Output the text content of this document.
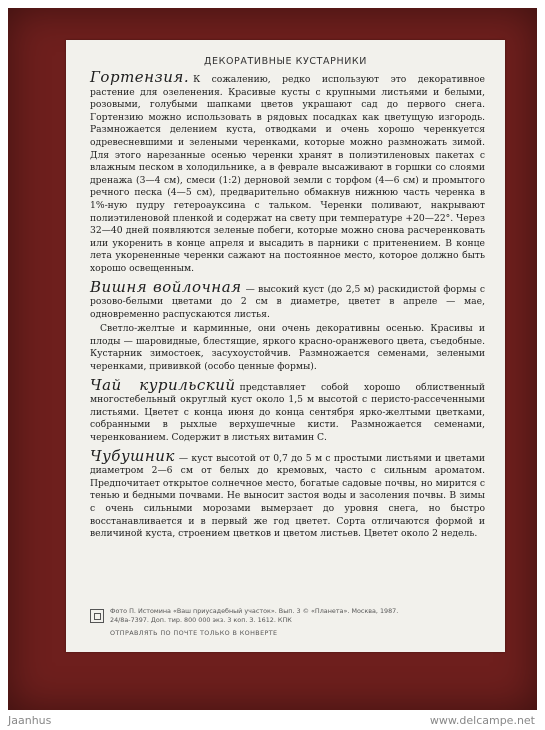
ДЕКОРАТИВНЫЕ КУСТАРНИКИ

Гортензия. К сожалению, редко используют это декоративное растение для озеленения. Красивые кусты с крупными листьями и белыми, розовыми, голубыми шапками цветов украшают сад до первого снега. Гортензию можно использовать в рядовых посадках как цветущую изгородь. Размножается делением куста, отводками и очень хорошо черенкуется одревесневшими и зелеными черенками, которые можно размножать зимой. Для этого нарезанные осенью черенки хранят в полиэтиленовых пакетах с влажным песком в холодильнике, а в феврале высаживают в горшки со слоями дренажа (3—4 см), смеси (1:2) дерновой земли с торфом (4—6 см) и промытого речного песка (4—5 см), предварительно обмакнув нижнюю часть черенка в 1%-ную пудру гетероауксина с тальком. Черенки поливают, накрывают полиэтиленовой пленкой и содержат на свету при температуре +20—22°. Через 32—40 дней появляются зеленые побеги, которые можно снова расчеренковать или укоренить в конце апреля и высадить в парники с притенением. В конце лета укорененные черенки сажают на постоянное место, которое должно быть хорошо освещенным.

Вишня войлочная — высокий куст (до 2,5 м) раскидистой формы с розово-белыми цветами до 2 см в диаметре, цветет в апреле — мае, одновременно распускаются листья.

Светло-желтые и карминные, они очень декоративны осенью. Красивы и плоды — шаровидные, блестящие, яркого красно-оранжевого цвета, съедобные. Кустарник зимостоек, засухоустойчив. Размножается семенами, зелеными черенками, прививкой (особо ценные формы).

Чай курильский представляет собой хорошо облиственный многостебельный округлый куст около 1,5 м высотой с перисто-рассеченными листьями. Цветет с конца июня до конца сентября ярко-желтыми цветками, собранными в рыхлые верхушечные кисти. Размножается семенами, черенкованием. Содержит в листьях витамин С.

Чубушник — куст высотой от 0,7 до 5 м с простыми листьями и цветами диаметром 2—6 см от белых до кремовых, часто с сильным ароматом. Предпочитает открытое солнечное место, богатые садовые почвы, но мирится с тенью и бедными почвами. Не выносит застоя воды и засоления почвы. В зимы с очень сильными морозами вымерзает до уровня снега, но быстро восстанавливается и в первый же год цветет. Сорта отличаются формой и величиной куста, строением цветков и цветом листьев. Цветет около 2 недель.

Фото П. Истомина «Ваш приусадебный участок». Вып. 3 © «Планета». Москва, 1987.
24/8а-7397. Доп. тир. 800 000 экз. 3 коп. З. 1612. КПК
ОТПРАВЛЯТЬ ПО ПОЧТЕ ТОЛЬКО В КОНВЕРТЕ
Jaanhus	www.delcampe.net
